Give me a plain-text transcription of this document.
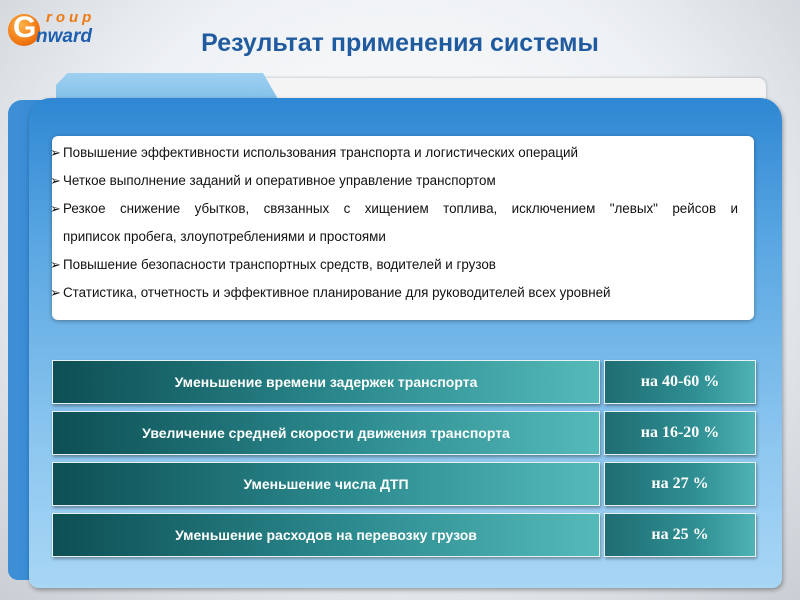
G roup
nward	Результат применения системы
➢ Повышение эффективности использования транспорта и логистических операций
➢ Четкое выполнение заданий и оперативное управление транспортом
➢ Резкое снижение убытков, связанных с хищением топлива, исключением "левых" рейсов и
приписок пробега, злоупотреблениями и простоями
➢ Повышение безопасности транспортных средств, водителей и грузов
➢ Статистика, отчетность и эффективное планирование для руководителей всех уровней
Уменьшение времени задержек транспорта	на 40-60 %
Увеличение средней скорости движения транспорта	на 16-20 %
Уменьшение числа ДТП	на 27 %
Уменьшение расходов на перевозку грузов	на 25 %
